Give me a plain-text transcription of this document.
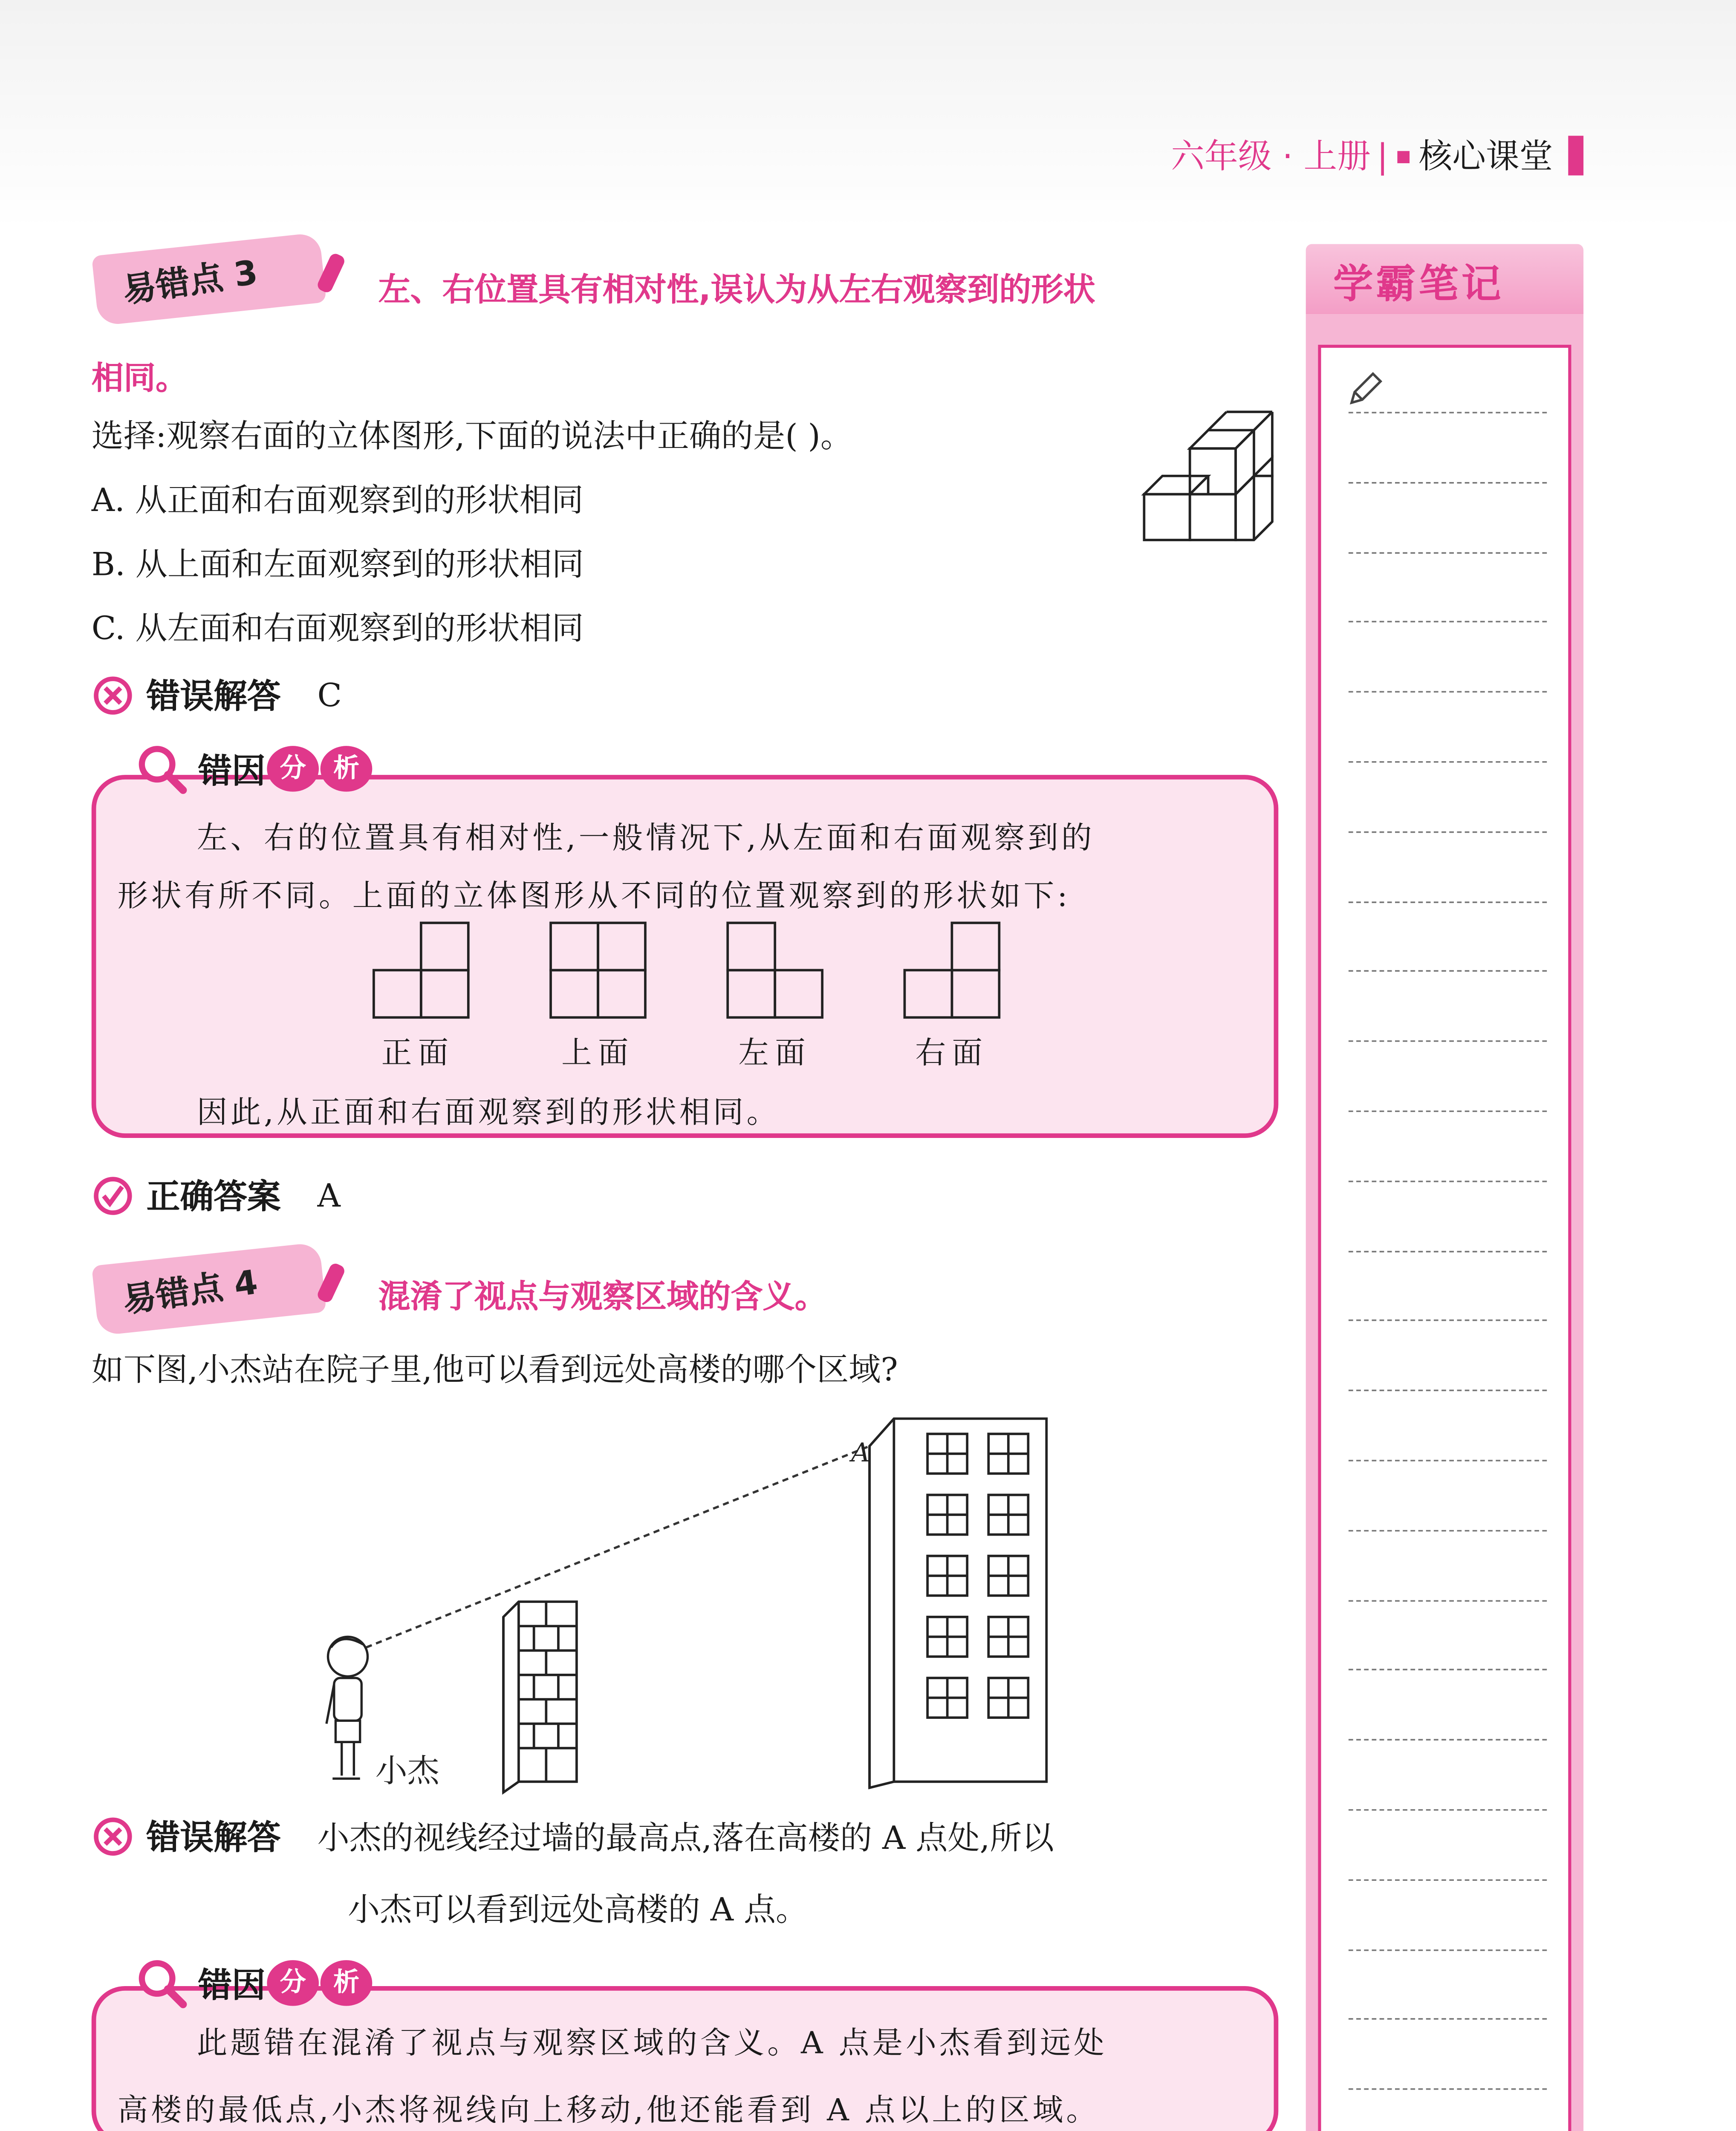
六年级 · 上册 |	核心课堂
易错点 3	左、右位置具有相对性,误认为从左右观察到的形状
相同。
选择:观察右面的立体图形,下面的说法中正确的是( )。
A. 从正面和右面观察到的形状相同
B. 从上面和左面观察到的形状相同
C. 从左面和右面观察到的形状相同
错误解答	C

左、右的位置具有相对性,一般情况下,从左面和右面观察到的

形状有所不同。上面的立体图形从不同的位置观察到的形状如下:

因此,从正面和右面观察到的形状相同。

错因	分	析
正面	上面	左面	右面
正确答案	A
易错点 4	混淆了视点与观察区域的含义。
如下图,小杰站在院子里,他可以看到远处高楼的哪个区域?
小杰
A
错误解答	小杰的视线经过墙的最高点,落在高楼的 A 点处,所以
小杰可以看到远处高楼的 A 点。

此题错在混淆了视点与观察区域的含义。A 点是小杰看到远处

高楼的最低点,小杰将视线向上移动,他还能看到 A 点以上的区域。

错因	分	析
学霸笔记
